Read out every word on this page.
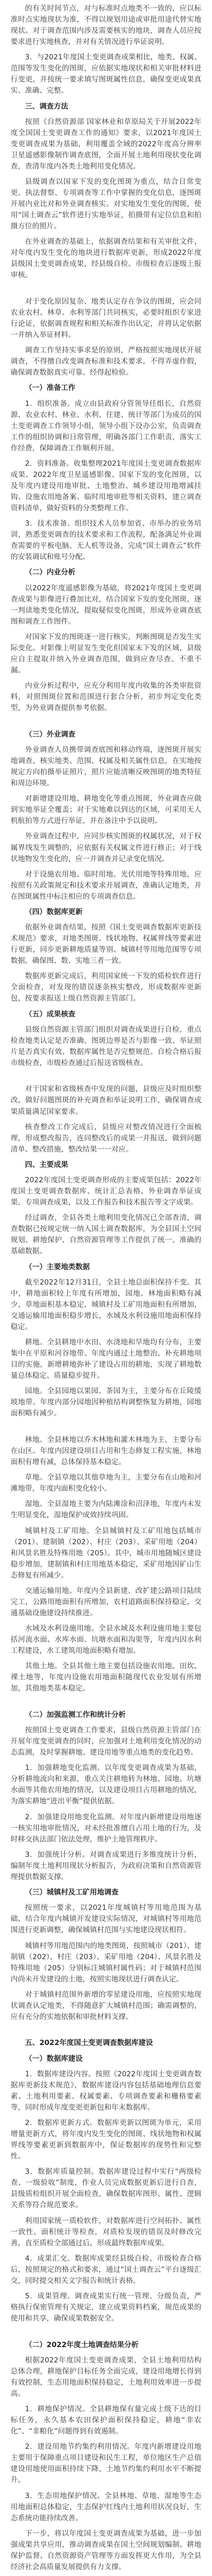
的有关时间节点，对与标准时点地类不一致的，应以标准时点实地现状为准，不得以规划用途或审批用途代替实地现状。对于调查范围内涉及需要核实的地块，调查人员应按要求进行实地核查，并对有关情况进行举证说明。

3．与2021年度国土变更调查成果相比，地类、权属、范围等发生变化的图斑，应依据实地现状和相关审批材料进行变更，并按统一要求填写图斑属性信息，确保变更成果真实、准确、完整。

三、调查方法

按照《自然资源部 国家林业和草原局关于开展2022年度全国国土变更调查工作的通知》要求，以2021年度国土变更调查成果为基础，利用覆盖全域的2022年度高分辨率卫星遥感影像制作调查底图，全面开展土地利用现状变化调查，查清年度内各类土地利用变化情况。

县级调查以国家下发的变化图斑为重点，结合日常变更、执法督察、专项调查等工作中掌握的变化信息，逐图斑开展内业比对和外业调查核实。对实地发生变化的图斑，使用“国土调查云”软件进行实地举证，拍摄带有定位信息和拍摄方位的照片。

在外业调查的基础上，依据调查结果和有关审批文件，对年度内发生变化的地块进行数据库更新，形成2022年度县级国土变更调查成果，经县级自检、市级检查后逐级上报审核。

对于变化原因复杂、地类认定存在争议的图斑，应会同农业农村、林草、水利等部门共同核实，必要时组织专家进行论证，依据调查规程和相关标准作出认定，并将认定依据一并纳入举证材料。

调查工作坚持实事求是的原则，严格按照实地现状开展调查，不得擅自改变调查标准和技术要求，不得弄虚作假，确保调查数据真实可靠、经得起检验。

（一）准备工作

1．组织准备。成立由县政府分管领导任组长，自然资源、农业农村、林业、水利、住建、统计等部门为成员的国土变更调查工作领导小组，领导小组下设办公室，负责调查工作的组织协调和日常管理，明确各部门工作职责，落实工作经费，保障调查工作顺利开展。

2．资料准备。收集整理2021年度国土变更调查数据库成果、2022年度卫星遥感影像、国家下发的变化图斑，以及年度内建设用地审批、土地整治、城乡建设用地增减挂钩、设施农用地备案、临时用地审批等相关资料，建立调查资料清单，做好资料的分类整理工作。

3．技术准备。组织技术人员参加省、市举办的业务培训，熟悉变更调查的技术要求和工作流程，配备满足外业调查需要的平板电脑、无人机等设备，完成“国土调查云”软件的安装调试和账号分配。

（二）内业分析

以2022年度遥感影像为基础，将2021年度国土变更调查成果与影像进行叠加比对，结合国家下发的变化图斑，逐一判读地类变化情况，提取疑似变化图斑，形成外业调查底图和调查工作图件。

对国家下发的图斑逐一进行核实，判断图斑是否发生实际变化。对影像上明显发生变化但国家未下发的区域，县级应自主提取并纳入外业调查范围，做到应查尽查、不重不漏。

内业分析过程中，应充分利用年度内收集的各类审批资料，对照图斑位置和范围进行套合分析，初步判定变化类型，为外业调查提供参考依据。

（三）外业调查

外业调查人员携带调查底图和移动终端，逐图斑开展实地调查，核实地类、范围、权属及相关属性信息，在实地按规定方向拍摄举证照片，照片应能清晰反映图斑的地类特征和周边环境。

对新增建设用地、耕地变化等重点图斑，外业调查应做到实地举证全覆盖；对于实地难以到达的区域，可采用无人机航拍等方式进行举证，并在备注中予以说明。

外业调查过程中，应同步核实图斑的权属状况，对于权属界线发生调整的，应依据有关权属文件进行修正；对于线状地物发生变化的，应一并调查并记录变化情况。

对于设施农用地、临时用地、光伏用地等特殊用地，应按照有关政策规定和技术要求开展调查，准确认定地类，并在图斑属性中标注相应的专项调查信息。

（四）数据库更新

依据外业调查结果，按照《国土变更调查数据库更新技术规范》要求，对地类图斑、线状地物、权属界线等要素进行更新，同步更新耕地质量等别、城镇村等用地范围等专项数据，确保图、数、实地三者一致。

数据库更新完成后，利用国家统一下发的质检软件进行全面检查，对发现的错误逐条核实整改，形成数据库更新包，按要求报送上级自然资源主管部门。

（五）成果核查

县级自然资源主管部门组织对调查成果进行自检，重点检查地类认定是否准确、图斑边界是否与影像一致、举证照片是否真实有效、数据库属性是否完整规范。自检合格后报市级检查，市级检查通过后报送省级核查。

对于国家和省级核查中发现的问题，县级应及时组织整改，做好问题图斑的补充调查和举证说明工作，确保调查成果质量满足国家要求。

核查整改工作完成后，县级应对整改情况进行全面梳理，形成整改报告，连同整改后的成果一并报送，做到问题清单、整改措施、整改结果一一对应。

四、主要成果

2022年度国土变更调查形成的主要成果包括：2022年度国土变更调查数据库、统计汇总表格、外业调查举证成果、专项调查成果，以及工作报告和技术报告等文字成果。

经过调查，全县各类土地利用变化情况已全部查清，调查数据已按规定统一纳入国土调查数据库，为全县国土空间规划、耕地保护、自然资源管理等工作提供了统一、准确的基础数据。

（一）主要地类数据

截至2022年12月31日，全县土地总面积保持不变。其中，耕地面积较上年度有所增加，园地、林地面积略有减少，草地面积基本稳定，城镇村及工矿用地面积有所增加，交通运输用地面积稳步增长，水域及水利设施用地面积保持稳定。

耕地。全县耕地中水田、水浇地和旱地均有分布，主要集中在平原和河谷地带。年度内通过土地整治、补充耕地项目的实施，新增耕地弥补了建设占用的耕地，实现了耕地数量总体稳定、质量稳步提升。

园地。全县园地以果园、茶园为主，主要分布在丘陵缓坡地带。年度内部分园地因种植结构调整恢复为耕地，园地面积略有减少。

林地。全县林地以乔木林地和灌木林地为主，主要分布在山区。年度内因建设项目占用和生态修复工程实施，林地面积有增有减，总体保持基本稳定。

草地。全县草地以其他草地为主，主要分布在山地和河滩地带，年度内面积变化较小。

湿地。全县湿地主要为内陆滩涂和沼泽地，年度内未发生明显变化，湿地保护成效持续巩固。

城镇村及工矿用地。全县城镇村及工矿用地包括城市（201）、建制镇（202）、村庄（203）、采矿用地（204）和风景名胜及特殊用地（205）。其中，城市用地随城区建设稳步增加，建制镇和村庄用地基本稳定，采矿用地因矿山生态修复有所减少。

交通运输用地。年度内全县新建、改扩建公路项目陆续完工，公路用地面积有所增加，农村道路面积保持稳定，交通基础设施建设持续推进。

水域及水利设施用地。全县水域及水利设施用地主要包括河流水面、水库水面、坑塘水面和沟渠等，年度内因水利工程建设，水工建筑用地面积略有增加。

其他土地。全县其他土地主要包括设施农用地、田坎、裸土地等，年度内设施农用地面积随现代农业发展有所增加，其他地类基本稳定。

（二）加强监测工作和统计分析

按照国土变更调查工作要求，县级自然资源主管部门在开展年度变更调查的同时，应加强对土地利用变化情况的动态监测，及时掌握耕地、建设用地等重点地类的变化趋势。

1．加强耕地变化监测。以年度变更调查成果为基础，分析耕地流向和来源，重点关注耕地转为林地、园地、坑塘水面等其他农用地的情况，以及建设项目占用耕地的情况，为落实耕地“进出平衡”提供依据。

2．加强建设用地变化监测。对年度内新增建设用地逐一核实用地审批情况，对未经批准擅自占用土地的行为，及时移交执法部门依法处理，维护土地管理秩序。

3．加强统计分析。对调查成果进行多维度统计分析，编制年度土地利用现状分析报告，为政府决策和自然资源管理提供数据支撑。

（三）城镇村及工矿用地调查

按照统一要求，以2021年度城镇村等用地范围为基础，结合年度内城镇开发建设实际情况，对城镇村等用地范围进行更新调整，确保城镇村范围与实地建设现状相符。

城镇村等用地范围内的地类图斑，按照城市（201）、建制镇（202）、村庄（203）、采矿用地（204）、风景名胜及特殊用地（205）分别标注城镇村属性码；对于城镇村范围内尚未开发建设的土地，按照实地现状进行调查认定。

对于城镇村范围外新增的零星建设用地，应按照实地现状调查认定地类，不得随意扩大城镇村范围；确需调整的，应有充分的实地依据和审批材料支撑。

五、2022年度国土变更调查数据库建设
（一）数据库建设

1．数据库建设内容。按照《2022年度国土变更调查数据库更新技术规范》，数据库建设内容包括基础地理信息要素、土地利用要素、权属要素、专项调查要素和栅格要素等，同时形成年度变更更新包和年末数据库。

2．数据库更新方式。数据库更新以图斑为单元，采用增量更新方式，将年度内发生变化的图斑、线状地物和权属界线等要素更新到数据库中，保证数据库的现势性和完整性。

3．数据库质量控制。数据库建设过程中实行“两级检查、一级验收”制度，作业人员完成数据更新后进行自查，县级质检组织开展全面检查，确保数据库图形、属性、逻辑关系等符合规范要求。

利用国家统一质检软件，对数据库进行空间拓扑、属性一致性、面积统计等检查，对质检发现的错误及时修改完善，直至质检全部通过后，形成最终数据库成果。

4．成果汇交。数据库成果经县级自检、市级检查合格后，按照规定的格式和要求，通过“国土调查云”平台逐级汇交，同时提交相关文字报告和统计表格。

5．成果管理。调查成果实行统一管理、分级负责，严格执行保密管理有关规定，建立成果资料档案，规范成果的使用和共享，确保成果数据安全。

（二）2022年度土地调查结果分析

根据2022年度国土变更调查成果，全县土地利用结构总体合理，耕地保护目标任务全面完成，建设用地增长得到有效控制，生态用地面积保持稳定，土地利用效率进一步提高。

1．耕地保护情况。全县耕地保有量完成上级下达的目标任务，永久基本农田保护面积保持稳定，耕地“非农化”、“非粮化”问题得到有效遏制。

2．建设用地节约集约利用情况。年度内新增建设用地主要用于保障重点项目建设和民生工程，单位地区生产总值建设用地使用面积持续下降，土地节约集约利用水平不断提升。

3．生态用地保护情况。全县林地、草地、湿地等生态用地面积总体稳定，生态保护红线内土地利用状况良好，生态系统功能持续改善。

下一步，将以年度国土变更调查成果为基础，进一步加强成果共享应用，推动调查成果在国土空间规划编制、耕地保护监督、自然资源资产管理等方面发挥更大作用，为全县经济社会高质量发展提供有力支撑。
